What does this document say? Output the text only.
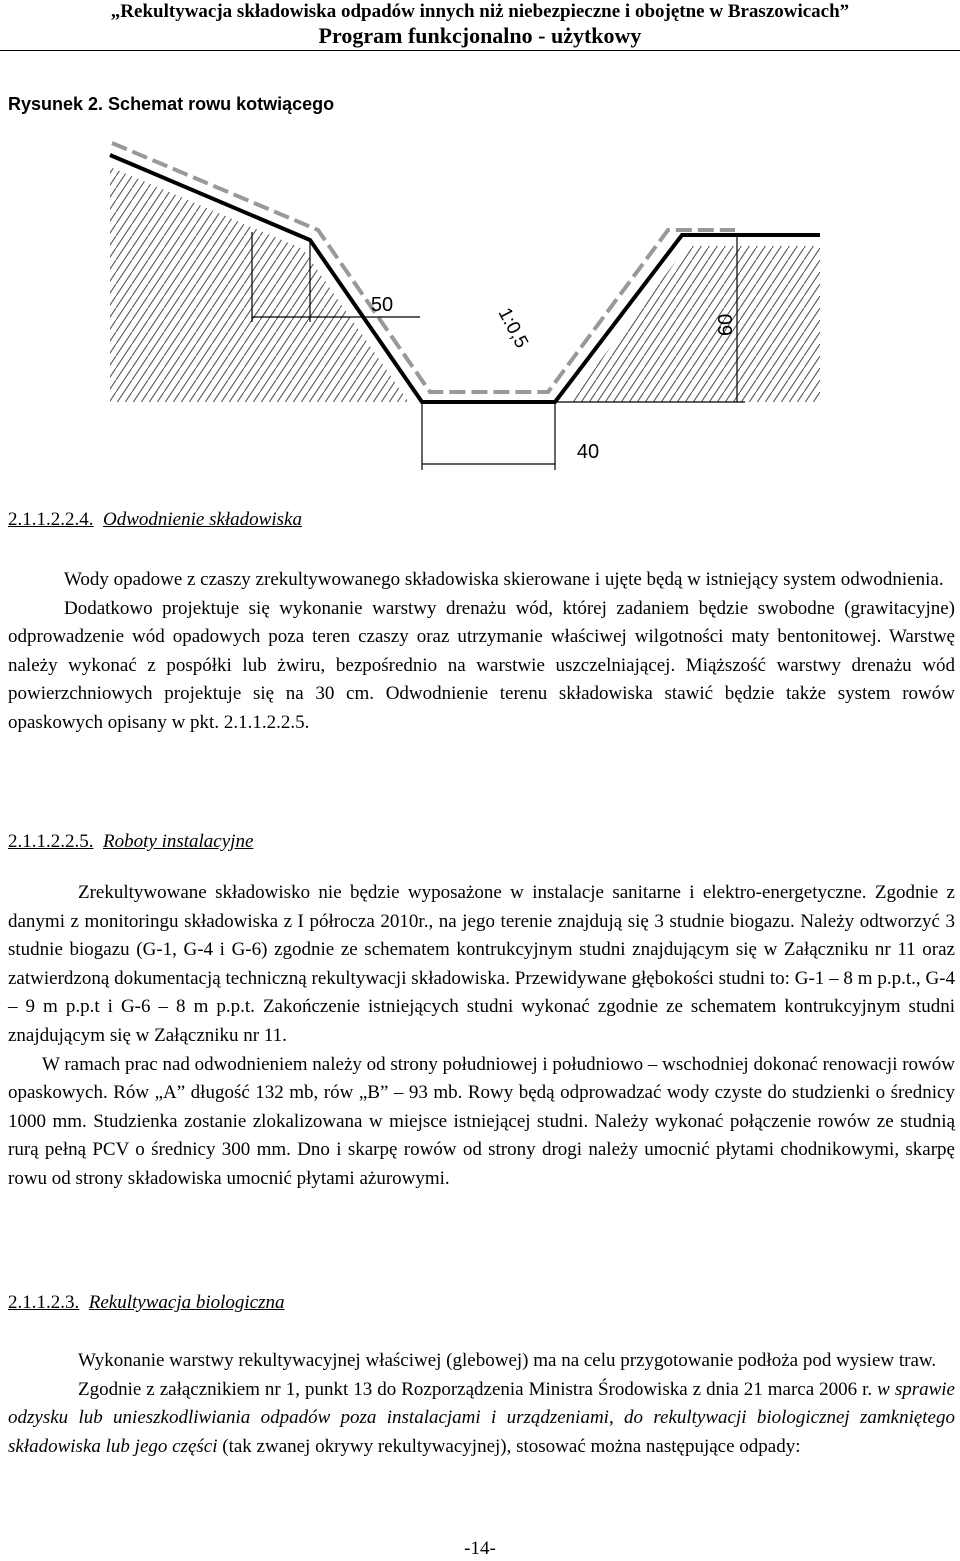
„Rekultywacja składowiska odpadów innych niż niebezpieczne i obojętne w Braszowicach”
Program funkcjonalno - użytkowy
Rysunek 2. Schemat rowu kotwiącego
50	1:0,5	60
40
2.1.1.2.2.4. Odwodnienie składowiska

Wody opadowe z czaszy zrekultywowanego składowiska skierowane i ujęte będą w istniejący system odwodnienia.

Dodatkowo projektuje się wykonanie warstwy drenażu wód, której zadaniem będzie swobodne (grawitacyjne) odprowadzenie wód opadowych poza teren czaszy oraz utrzymanie właściwej wilgotności maty bentonitowej. Warstwę należy wykonać z pospółki lub żwiru, bezpośrednio na warstwie uszczelniającej. Miąższość warstwy drenażu wód powierzchniowych projektuje się na 30 cm. Odwodnienie terenu składowiska stawić będzie także system rowów opaskowych opisany w pkt. 2.1.1.2.2.5.

2.1.1.2.2.5. Roboty instalacyjne

Zrekultywowane składowisko nie będzie wyposażone w instalacje sanitarne i elektro-energetyczne. Zgodnie z danymi z monitoringu składowiska z I półrocza 2010r., na jego terenie znajdują się 3 studnie biogazu. Należy odtworzyć 3 studnie biogazu (G-1, G-4 i G-6) zgodnie ze schematem kontrukcyjnym studni znajdującym się w Załączniku nr 11 oraz zatwierdzoną dokumentacją techniczną rekultywacji składowiska. Przewidywane głębokości studni to: G-1 – 8 m p.p.t., G-4 – 9 m p.p.t i G-6 – 8 m p.p.t. Zakończenie istniejących studni wykonać zgodnie ze schematem kontrukcyjnym studni znajdującym się w Załączniku nr 11.

W ramach prac nad odwodnieniem należy od strony południowej i południowo – wschodniej dokonać renowacji rowów opaskowych. Rów „A” długość 132 mb, rów „B” – 93 mb. Rowy będą odprowadzać wody czyste do studzienki o średnicy 1000 mm. Studzienka zostanie zlokalizowana w miejsce istniejącej studni. Należy wykonać połączenie rowów ze studnią rurą pełną PCV o średnicy 300 mm. Dno i skarpę rowów od strony drogi należy umocnić płytami chodnikowymi, skarpę rowu od strony składowiska umocnić płytami ażurowymi.

2.1.1.2.3. Rekultywacja biologiczna

Wykonanie warstwy rekultywacyjnej właściwej (glebowej) ma na celu przygotowanie podłoża pod wysiew traw.

Zgodnie z załącznikiem nr 1, punkt 13 do Rozporządzenia Ministra Środowiska z dnia 21 marca 2006 r. w sprawie odzysku lub unieszkodliwiania odpadów poza instalacjami i urządzeniami, do rekultywacji biologicznej zamkniętego składowiska lub jego części (tak zwanej okrywy rekultywacyjnej), stosować można następujące odpady:

-14-
